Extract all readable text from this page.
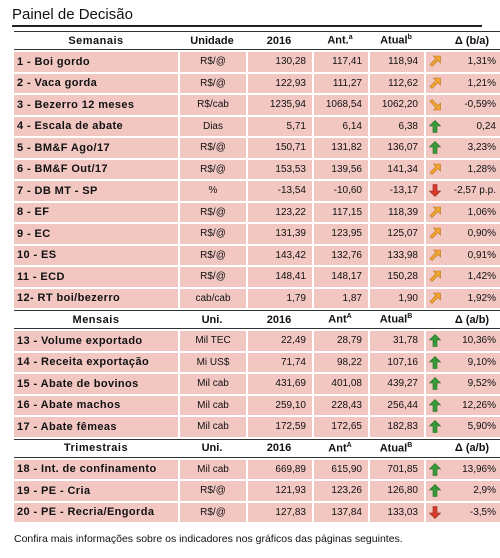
Painel de Decisão
Semanais	Unidade	2016	Ant.$^a$	Atual$^b$		Δ (b/a)
1 - Boi gordo	R$/@	130,28	117,41	118,94		1,31%
2 - Vaca gorda	R$/@	122,93	111,27	112,62		1,21%
3 - Bezerro 12 meses	R$/cab	1235,94	1068,54	1062,20		-0,59%
4 - Escala de abate	Dias	5,71	6,14	6,38		0,24
5 - BM&F Ago/17	R$/@	150,71	131,82	136,07		3,23%
6 - BM&F Out/17	R$/@	153,53	139,56	141,34		1,28%
7 - DB MT - SP	%	-13,54	-10,60	-13,17		-2,57 p.p.
8 - EF	R$/@	123,22	117,15	118,39		1,06%
9 - EC	R$/@	131,39	123,95	125,07		0,90%
10 - ES	R$/@	143,42	132,76	133,98		0,91%
11 - ECD	R$/@	148,41	148,17	150,28		1,42%
12- RT boi/bezerro	cab/cab	1,79	1,87	1,90		1,92%
Mensais	Uni.	2016	Ant$^A$	Atual$^B$		Δ (a/b)
13 - Volume exportado	Mil TEC	22,49	28,79	31,78		10,36%
14 - Receita exportação	Mi US$	71,74	98,22	107,16		9,10%
15 - Abate de bovinos	Mil cab	431,69	401,08	439,27		9,52%
16 - Abate machos	Mil cab	259,10	228,43	256,44		12,26%
17 - Abate fêmeas	Mil cab	172,59	172,65	182,83		5,90%
Trimestrais	Uni.	2016	Ant$^A$	Atual$^B$		Δ (a/b)
18 - Int. de confinamento	Mil cab	669,89	615,90	701,85		13,96%
19 - PE - Cria	R$/@	121,93	123,26	126,80		2,9%
20 - PE - Recria/Engorda	R$/@	127,83	137,84	133,03		-3,5%
Confira mais informações sobre os indicadores nos gráficos das páginas seguintes.
